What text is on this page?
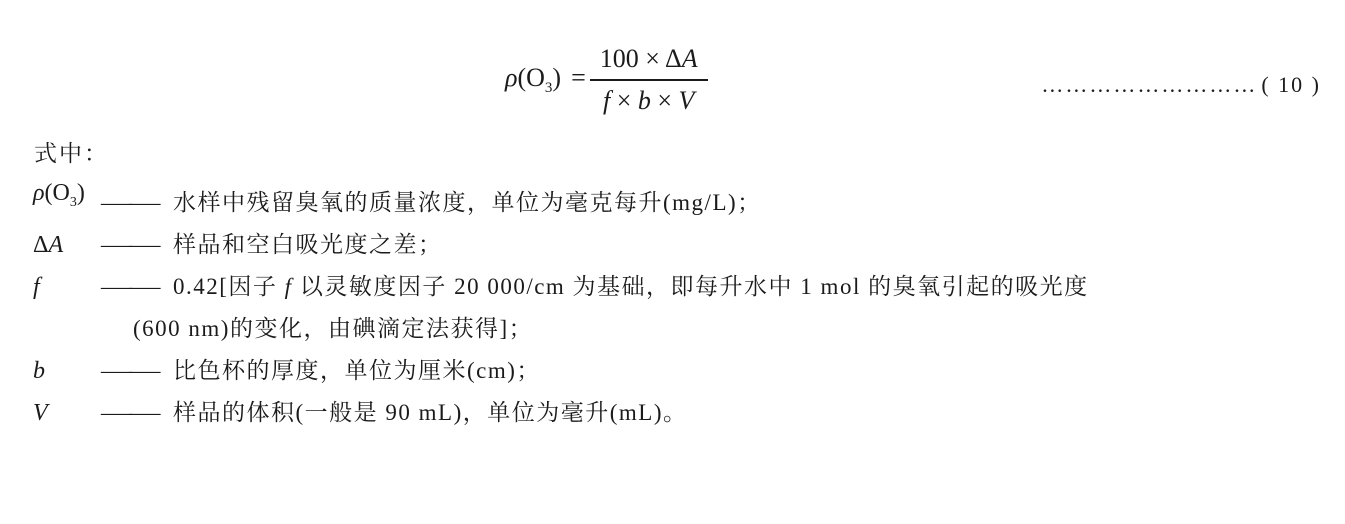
$\rho(O_3) = \frac{100 \times \Delta A}{f \times b \times V}$	……………………… ( 10 )
式中：
$\rho(O_3)$ —— 水样中残留臭氧的质量浓度，单位为毫克每升(mg/L)；
ΔA —— 样品和空白吸光度之差；
f	—— 0.42[因子 f 以灵敏度因子 20 000/cm 为基础，即每升水中 1 mol 的臭氧引起的吸光度
(600 nm)的变化，由碘滴定法获得]；
b —— 比色杯的厚度，单位为厘米(cm)；
V —— 样品的体积(一般是 90 mL)，单位为毫升(mL)。
